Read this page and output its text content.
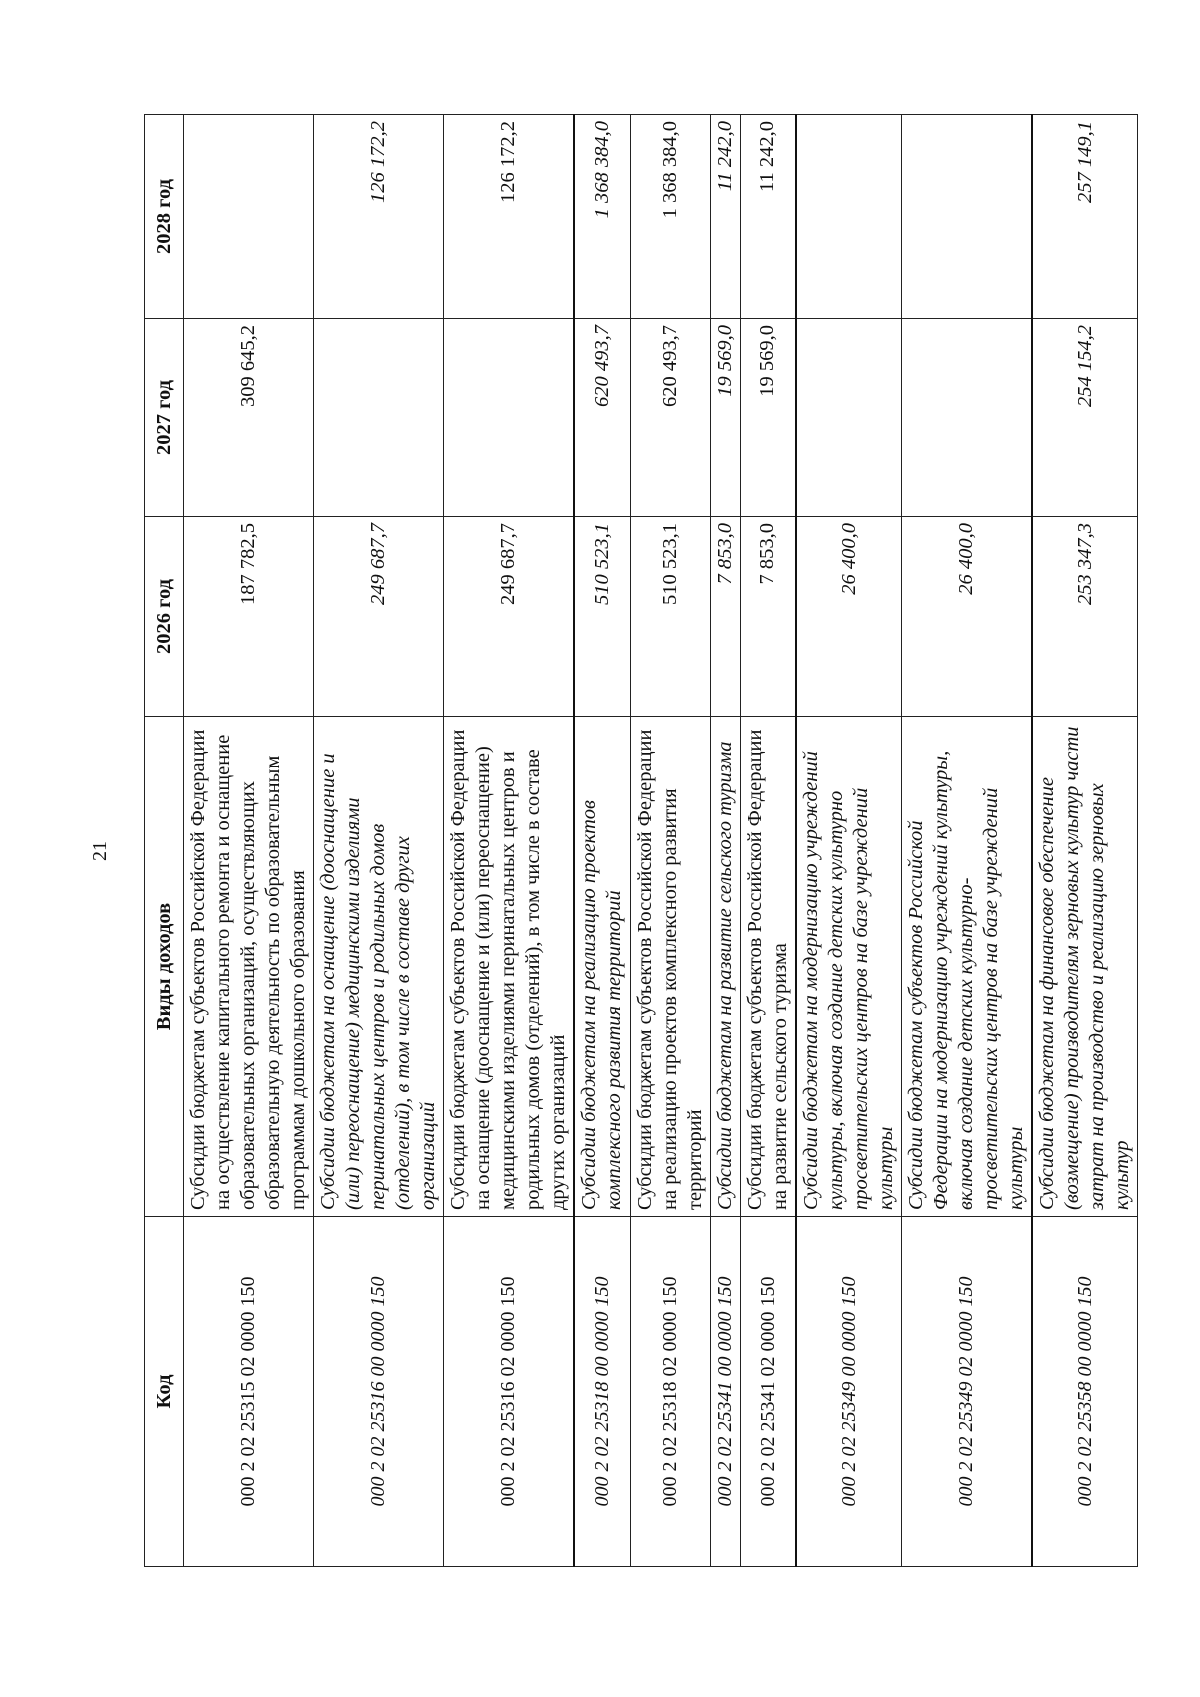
21
Код	Виды доходов	2026 год	2027 год	2028 год
000 2 02 25315 02 0000 150	Субсидии бюджетам субъектов Российской Федерации на осуществление капитального ремонта и оснащение образовательных организаций, осуществляющих образовательную деятельность по образовательным программам дошкольного образования	187 782,5	309 645,2	
000 2 02 25316 00 0000 150	Субсидии бюджетам на оснащение (дооснащение и (или) переоснащение) медицинскими изделиями перинатальных центров и родильных домов (отделений), в том числе в составе других организаций	249 687,7		126 172,2
000 2 02 25316 02 0000 150	Субсидии бюджетам субъектов Российской Федерации на оснащение (дооснащение и (или) переоснащение) медицинскими изделиями перинатальных центров и родильных домов (отделений), в том числе в составе других организаций	249 687,7		126 172,2
000 2 02 25318 00 0000 150	Субсидии бюджетам на реализацию проектов комплексного развития территорий	510 523,1	620 493,7	1 368 384,0
000 2 02 25318 02 0000 150	Субсидии бюджетам субъектов Российской Федерации на реализацию проектов комплексного развития территорий	510 523,1	620 493,7	1 368 384,0
000 2 02 25341 00 0000 150	Субсидии бюджетам на развитие сельского туризма	7 853,0	19 569,0	11 242,0
000 2 02 25341 02 0000 150	Субсидии бюджетам субъектов Российской Федерации на развитие сельского туризма	7 853,0	19 569,0	11 242,0
000 2 02 25349 00 0000 150	Субсидии бюджетам на модернизацию учреждений культуры, включая создание детских культурно просветительских центров на базе учреждений культуры	26 400,0		
000 2 02 25349 02 0000 150	Субсидии бюджетам субъектов Российской Федерации на модернизацию учреждений культуры, включая создание детских культурно-просветительских центров на базе учреждений культуры	26 400,0		
000 2 02 25358 00 0000 150	Субсидии бюджетам на финансовое обеспечение (возмещение) производителям зерновых культур части затрат на производство и реализацию зерновых культур	253 347,3	254 154,2	257 149,1
